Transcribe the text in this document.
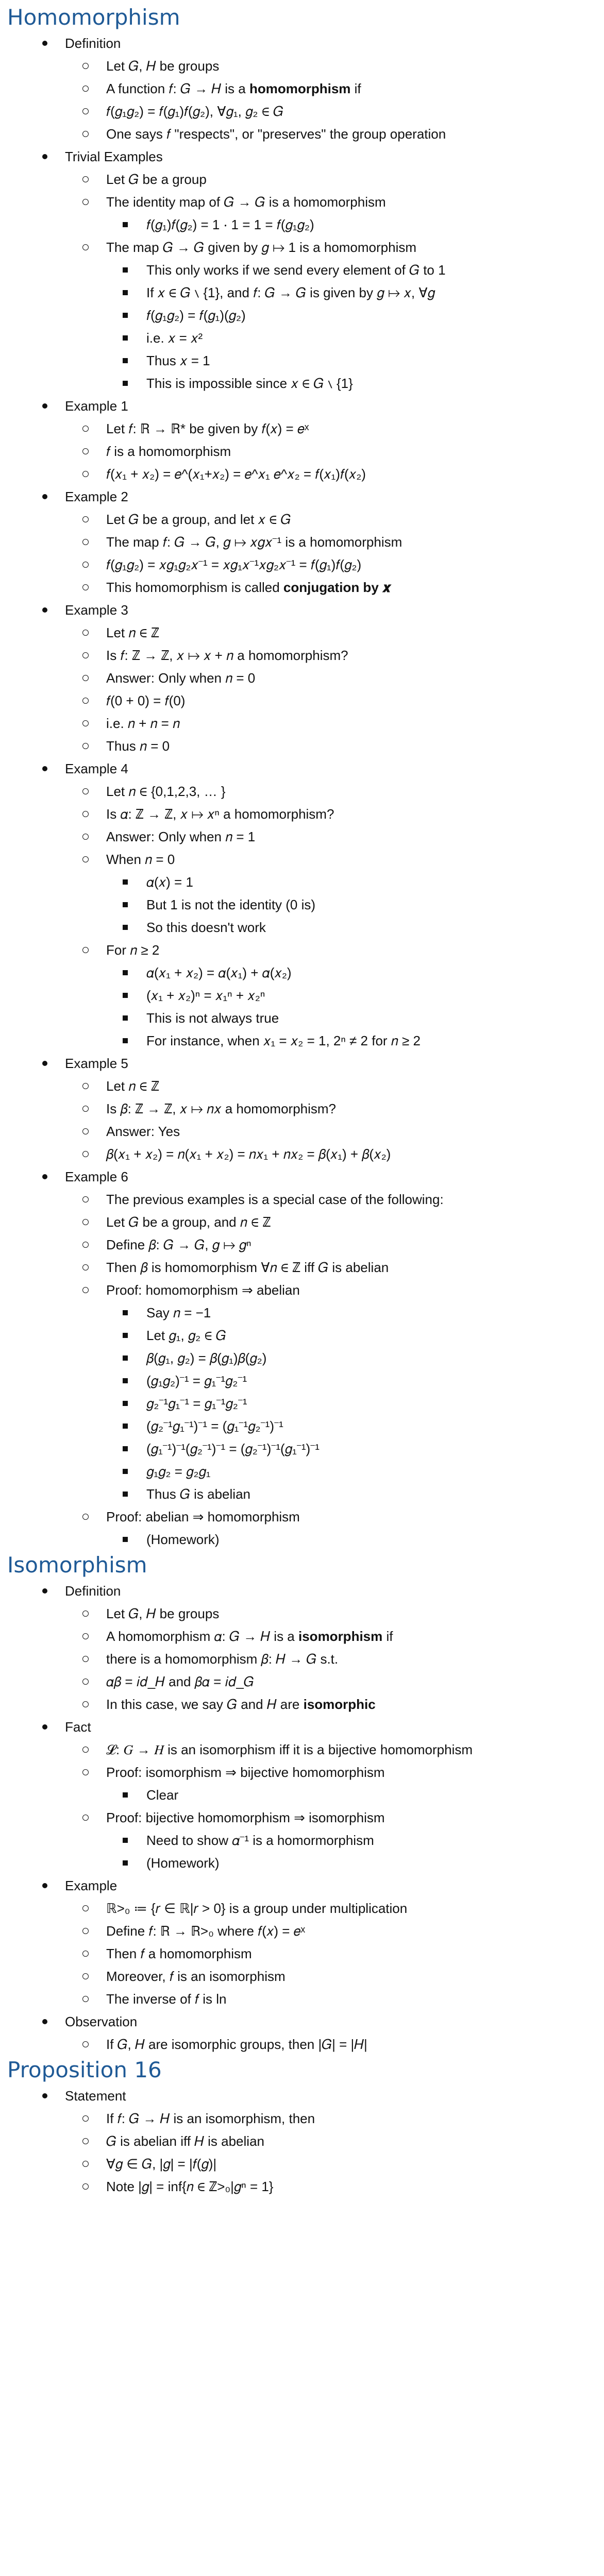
Homomorphism
Definition
Let 𝐺, 𝐻 be groups
A function 𝑓: 𝐺 → 𝐻 is a homomorphism if
𝑓(𝑔₁𝑔₂) = 𝑓(𝑔₁)𝑓(𝑔₂), ∀𝑔₁, 𝑔₂ ∈ 𝐺
One says 𝑓 "respects", or "preserves" the group operation
Trivial Examples
Let 𝐺 be a group
The identity map of 𝐺 → 𝐺 is a homomorphism
𝑓(𝑔₁)𝑓(𝑔₂) = 1 ⋅ 1 = 1 = 𝑓(𝑔₁𝑔₂)
The map 𝐺 → 𝐺 given by 𝑔 ↦ 1 is a homomorphism
This only works if we send every element of 𝐺 to 1
If 𝑥 ∈ 𝐺 ∖ {1}, and 𝑓: 𝐺 → 𝐺 is given by 𝑔 ↦ 𝑥, ∀𝑔
𝑓(𝑔₁𝑔₂) = 𝑓(𝑔₁)(𝑔₂)
i.e. 𝑥 = 𝑥²
Thus 𝑥 = 1
This is impossible since 𝑥 ∈ 𝐺 ∖ {1}
Example 1
Let 𝑓: ℝ → ℝ* be given by 𝑓(𝑥) = 𝑒ˣ
𝑓 is a homomorphism
𝑓(𝑥₁ + 𝑥₂) = 𝑒^(𝑥₁+𝑥₂) = 𝑒^𝑥₁ 𝑒^𝑥₂ = 𝑓(𝑥₁)𝑓(𝑥₂)
Example 2
Let 𝐺 be a group, and let 𝑥 ∈ 𝐺
The map 𝑓: 𝐺 → 𝐺, 𝑔 ↦ 𝑥𝑔𝑥⁻¹ is a homomorphism
𝑓(𝑔₁𝑔₂) = 𝑥𝑔₁𝑔₂𝑥⁻¹ = 𝑥𝑔₁𝑥⁻¹𝑥𝑔₂𝑥⁻¹ = 𝑓(𝑔₁)𝑓(𝑔₂)
This homomorphism is called conjugation by 𝒙
Example 3
Let 𝑛 ∈ ℤ
Is 𝑓: ℤ → ℤ, 𝑥 ↦ 𝑥 + 𝑛 a homomorphism?
Answer: Only when 𝑛 = 0
𝑓(0 + 0) = 𝑓(0)
i.e. 𝑛 + 𝑛 = 𝑛
Thus 𝑛 = 0
Example 4
Let 𝑛 ∈ {0,1,2,3, … }
Is 𝛼: ℤ → ℤ, 𝑥 ↦ 𝑥ⁿ a homomorphism?
Answer: Only when 𝑛 = 1
When 𝑛 = 0
𝛼(𝑥) = 1
But 1 is not the identity (0 is)
So this doesn't work
For 𝑛 ≥ 2
𝛼(𝑥₁ + 𝑥₂) = 𝛼(𝑥₁) + 𝛼(𝑥₂)
(𝑥₁ + 𝑥₂)ⁿ = 𝑥₁ⁿ + 𝑥₂ⁿ
This is not always true
For instance, when 𝑥₁ = 𝑥₂ = 1, 2ⁿ ≠ 2 for 𝑛 ≥ 2
Example 5
Let 𝑛 ∈ ℤ
Is 𝛽: ℤ → ℤ, 𝑥 ↦ 𝑛𝑥 a homomorphism?
Answer: Yes
𝛽(𝑥₁ + 𝑥₂) = 𝑛(𝑥₁ + 𝑥₂) = 𝑛𝑥₁ + 𝑛𝑥₂ = 𝛽(𝑥₁) + 𝛽(𝑥₂)
Example 6
The previous examples is a special case of the following:
Let 𝐺 be a group, and 𝑛 ∈ ℤ
Define 𝛽: 𝐺 → 𝐺, 𝑔 ↦ 𝑔ⁿ
Then 𝛽 is homomorphism ∀𝑛 ∈ ℤ iff 𝐺 is abelian
Proof: homomorphism ⇒ abelian
Say 𝑛 = −1
Let 𝑔₁, 𝑔₂ ∈ 𝐺
𝛽(𝑔₁, 𝑔₂) = 𝛽(𝑔₁)𝛽(𝑔₂)
(𝑔₁𝑔₂)⁻¹ = 𝑔₁⁻¹𝑔₂⁻¹
𝑔₂⁻¹𝑔₁⁻¹ = 𝑔₁⁻¹𝑔₂⁻¹
(𝑔₂⁻¹𝑔₁⁻¹)⁻¹ = (𝑔₁⁻¹𝑔₂⁻¹)⁻¹
(𝑔₁⁻¹)⁻¹(𝑔₂⁻¹)⁻¹ = (𝑔₂⁻¹)⁻¹(𝑔₁⁻¹)⁻¹
𝑔₁𝑔₂ = 𝑔₂𝑔₁
Thus 𝐺 is abelian
Proof: abelian ⇒ homomorphism
(Homework)
Isomorphism
Definition
Let 𝐺, 𝐻 be groups
A homomorphism 𝛼: 𝐺 → 𝐻 is a isomorphism if
there is a homomorphism 𝛽: 𝐻 → 𝐺 s.t.
𝛼𝛽 = 𝑖𝑑_𝐻 and 𝛽𝛼 = 𝑖𝑑_𝐺
In this case, we say 𝐺 and 𝐻 are isomorphic
Fact
𝓛: 𝐺 → 𝐻 is an isomorphism iff it is a bijective homomorphism
Proof: isomorphism ⇒ bijective homomorphism
Clear
Proof: bijective homomorphism ⇒ isomorphism
Need to show 𝛼⁻¹ is a homormorphism
(Homework)
Example
ℝ>₀ ≔ {𝑟 ∈ ℝ|𝑟 > 0} is a group under multiplication
Define 𝑓: ℝ → ℝ>₀ where 𝑓(𝑥) = 𝑒ˣ
Then 𝑓 a homomorphism
Moreover, 𝑓 is an isomorphism
The inverse of 𝑓 is ln
Observation
If 𝐺, 𝐻 are isomorphic groups, then |𝐺| = |𝐻|
Proposition 16
Statement
If 𝑓: 𝐺 → 𝐻 is an isomorphism, then
𝐺 is abelian iff 𝐻 is abelian
∀𝑔 ∈ 𝐺, |𝑔| = |𝑓(𝑔)|
Note |𝑔| = inf{𝑛 ∈ ℤ>₀|𝑔ⁿ = 1}
